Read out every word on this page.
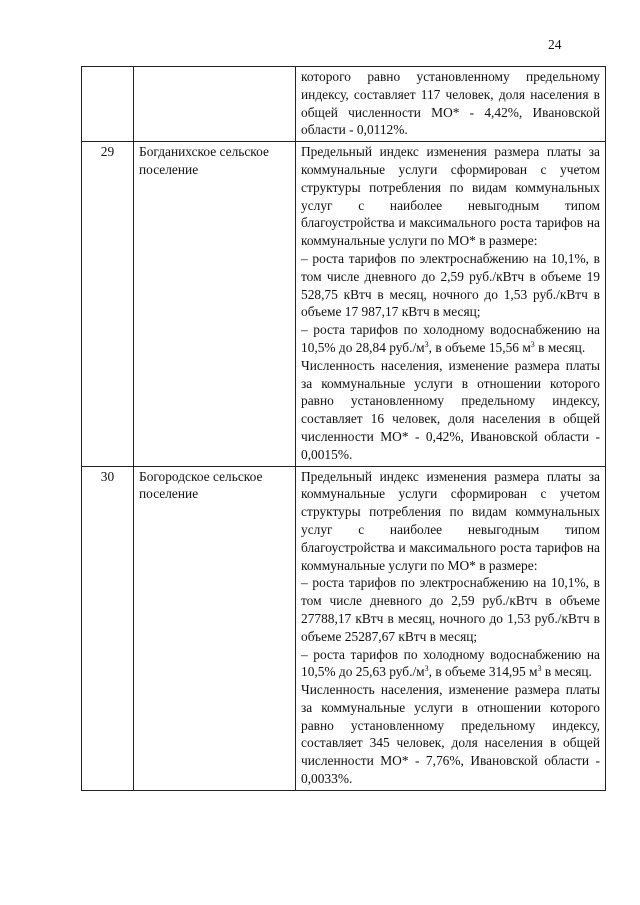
24

		которого равно установленному предельному индексу, составляет 117 человек, доля населения в общей численности МО* - 4,42%, Ивановской области - 0,0112%.

29	Богданихское сельское поселение	Предельный индекс изменения размера платы за коммунальные услуги сформирован с учетом структуры потребления по видам коммунальных услуг с наиболее невыгодным типом благоустройства и максимального роста тарифов на коммунальные услуги по МО* в размере:

– роста тарифов по электроснабжению на 10,1%, в том числе дневного до 2,59 руб./кВтч в объеме 19 528,75 кВтч в месяц, ночного до 1,53 руб./кВтч в объеме 17 987,17 кВтч в месяц;

– роста тарифов по холодному водоснабжению на 10,5% до 28,84 $руб./м^3$, в объеме 15,56 $м^3$ в месяц.

Численность населения, изменение размера платы за коммунальные услуги в отношении которого равно установленному предельному индексу, составляет 16 человек, доля населения в общей численности МО* - 0,42%, Ивановской области - 0,0015%.

30	Богородское сельское поселение	Предельный индекс изменения размера платы за коммунальные услуги сформирован с учетом структуры потребления по видам коммунальных услуг с наиболее невыгодным типом благоустройства и максимального роста тарифов на коммунальные услуги по МО* в размере:

– роста тарифов по электроснабжению на 10,1%, в том числе дневного до 2,59 руб./кВтч в объеме 27788,17 кВтч в месяц, ночного до 1,53 руб./кВтч в объеме 25287,67 кВтч в месяц;

– роста тарифов по холодному водоснабжению на 10,5% до 25,63 $руб./м^3$, в объеме 314,95 $м^3$ в месяц.

Численность населения, изменение размера платы за коммунальные услуги в отношении которого равно установленному предельному индексу, составляет 345 человек, доля населения в общей численности МО* - 7,76%, Ивановской области - 0,0033%.
